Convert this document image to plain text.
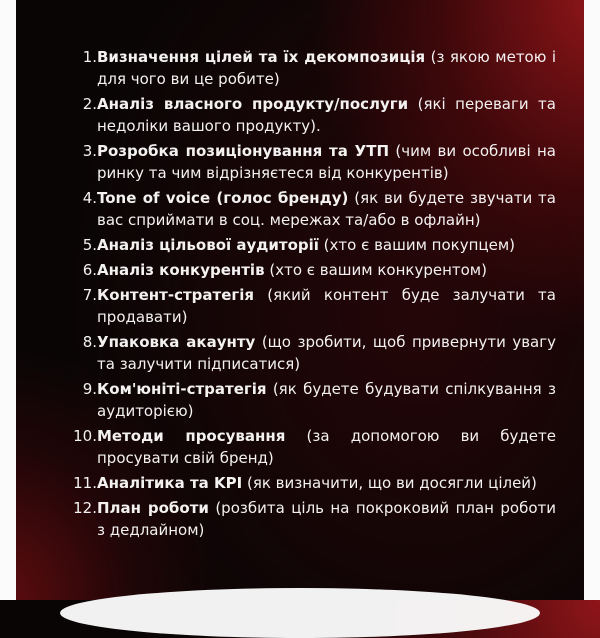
1. Визначення цілей та їх декомпозиція (з якою метою і для чого ви це робите)
2. Аналіз власного продукту/послуги (які переваги та недоліки вашого продукту).
3. Розробка позиціонування та УТП (чим ви особливі на ринку та чим відрізняєтеся від конкурентів)
4. Tone of voice (голос бренду) (як ви будете звучати та вас сприймати в соц. мережах та/або в офлайн)
5. Аналіз цільової аудиторії (хто є вашим покупцем)
6. Аналіз конкурентів (хто є вашим конкурентом)
7. Контент-стратегія (який контент буде залучати та продавати)
8. Упаковка акаунту (що зробити, щоб привернути увагу та залучити підписатися)
9. Ком'юніті-стратегія (як будете будувати спілкування з аудиторією)
10. Методи просування (за допомогою ви будете просувати свій бренд)
11. Аналітика та KPI (як визначити, що ви досягли цілей)
12. План роботи (розбита ціль на покроковий план роботи з дедлайном)
